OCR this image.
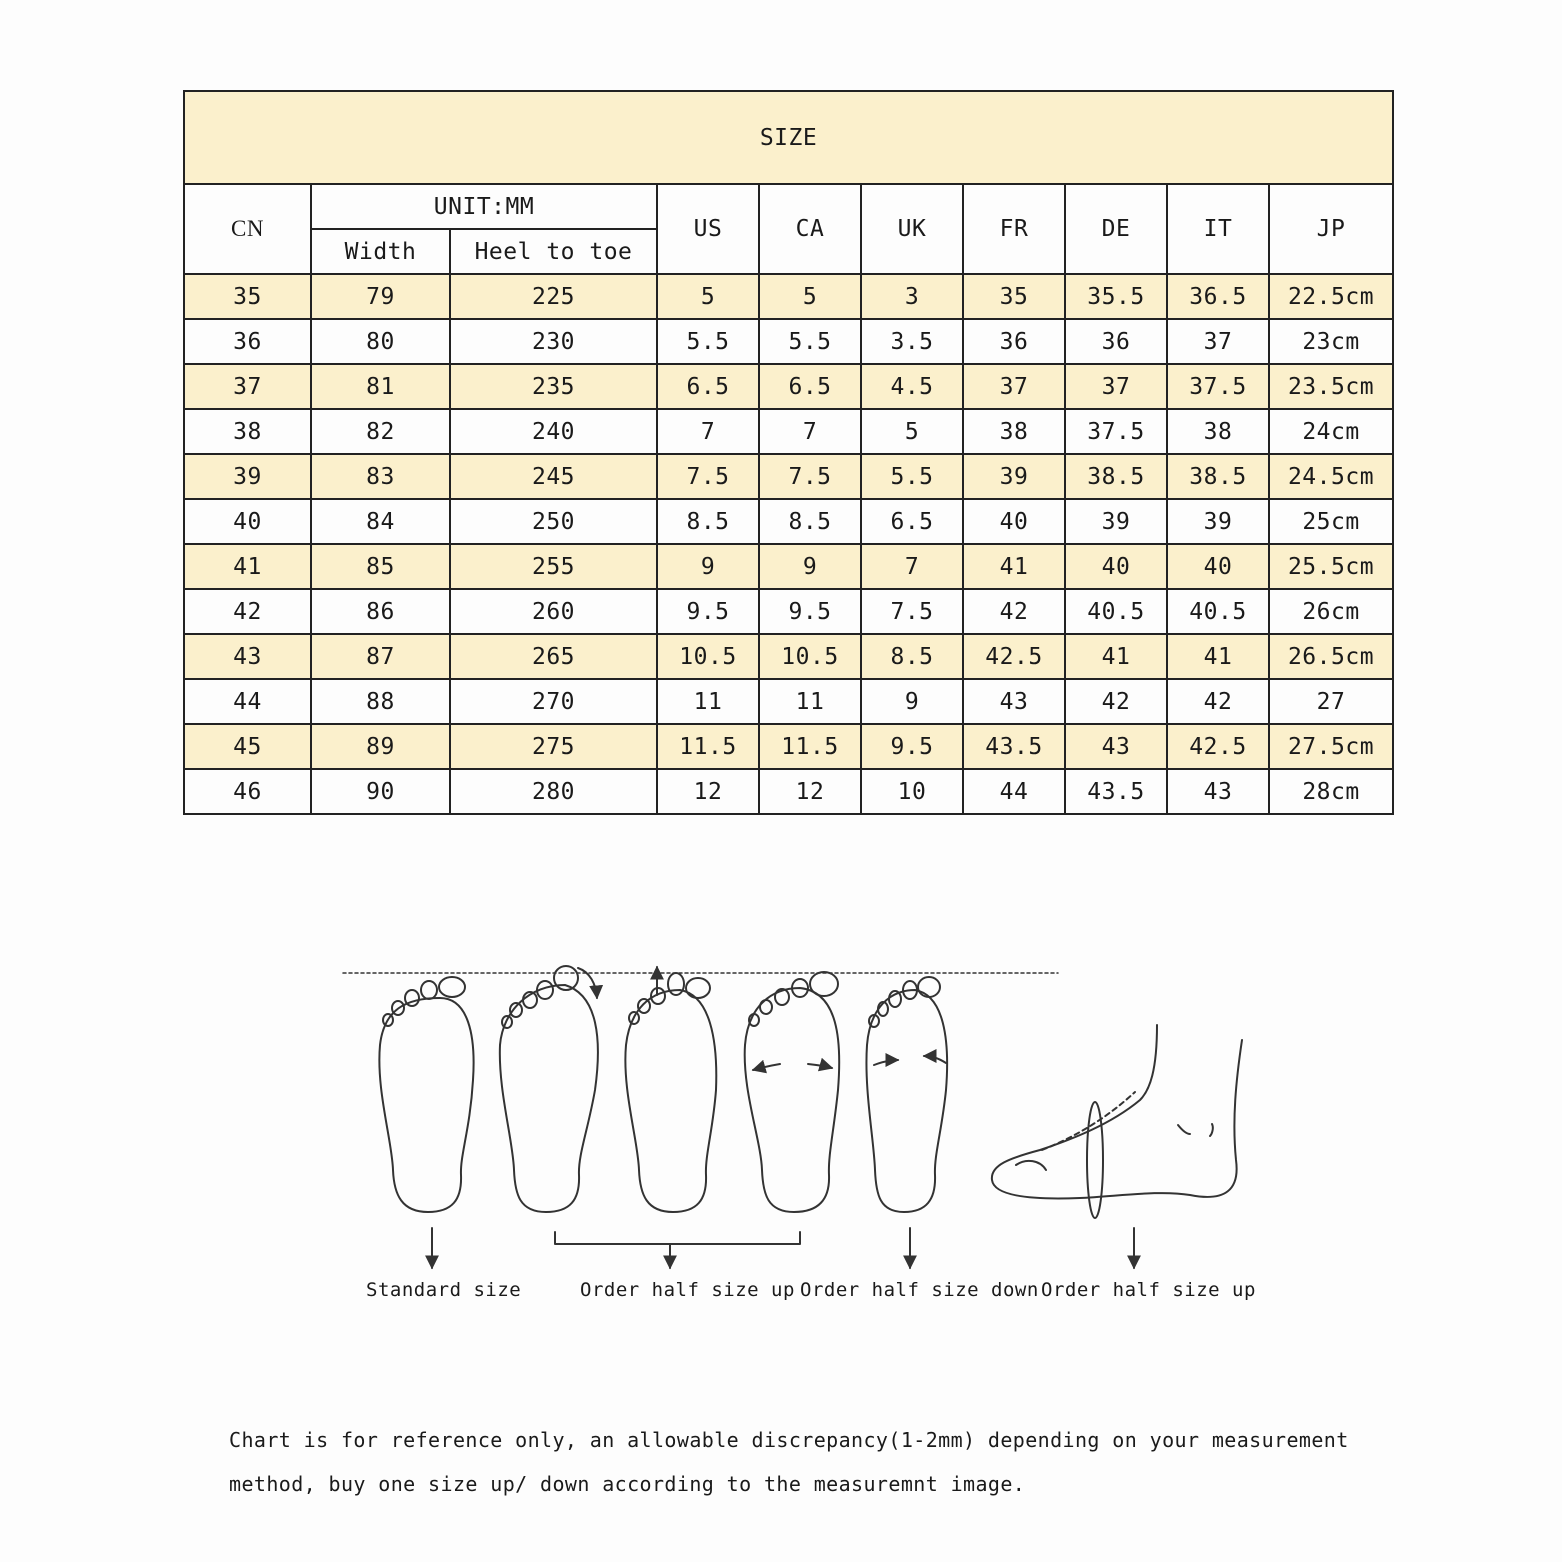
SIZE									
CN	UNIT:MM		US	CA	UK	FR	DE	IT	JP
	Width	Heel to toe							
35	79	225	5	5	3	35	35.5	36.5	22.5cm
36	80	230	5.5	5.5	3.5	36	36	37	23cm
37	81	235	6.5	6.5	4.5	37	37	37.5	23.5cm
38	82	240	7	7	5	38	37.5	38	24cm
39	83	245	7.5	7.5	5.5	39	38.5	38.5	24.5cm
40	84	250	8.5	8.5	6.5	40	39	39	25cm
41	85	255	9	9	7	41	40	40	25.5cm
42	86	260	9.5	9.5	7.5	42	40.5	40.5	26cm
43	87	265	10.5	10.5	8.5	42.5	41	41	26.5cm
44	88	270	11	11	9	43	42	42	27
45	89	275	11.5	11.5	9.5	43.5	43	42.5	27.5cm
46	90	280	12	12	10	44	43.5	43	28cm
Standard size	Order half size up Order half size down Order half size up
Chart is for reference only, an allowable discrepancy(1-2mm) depending on your measurement
method, buy one size up/ down according to the measuremnt image.
